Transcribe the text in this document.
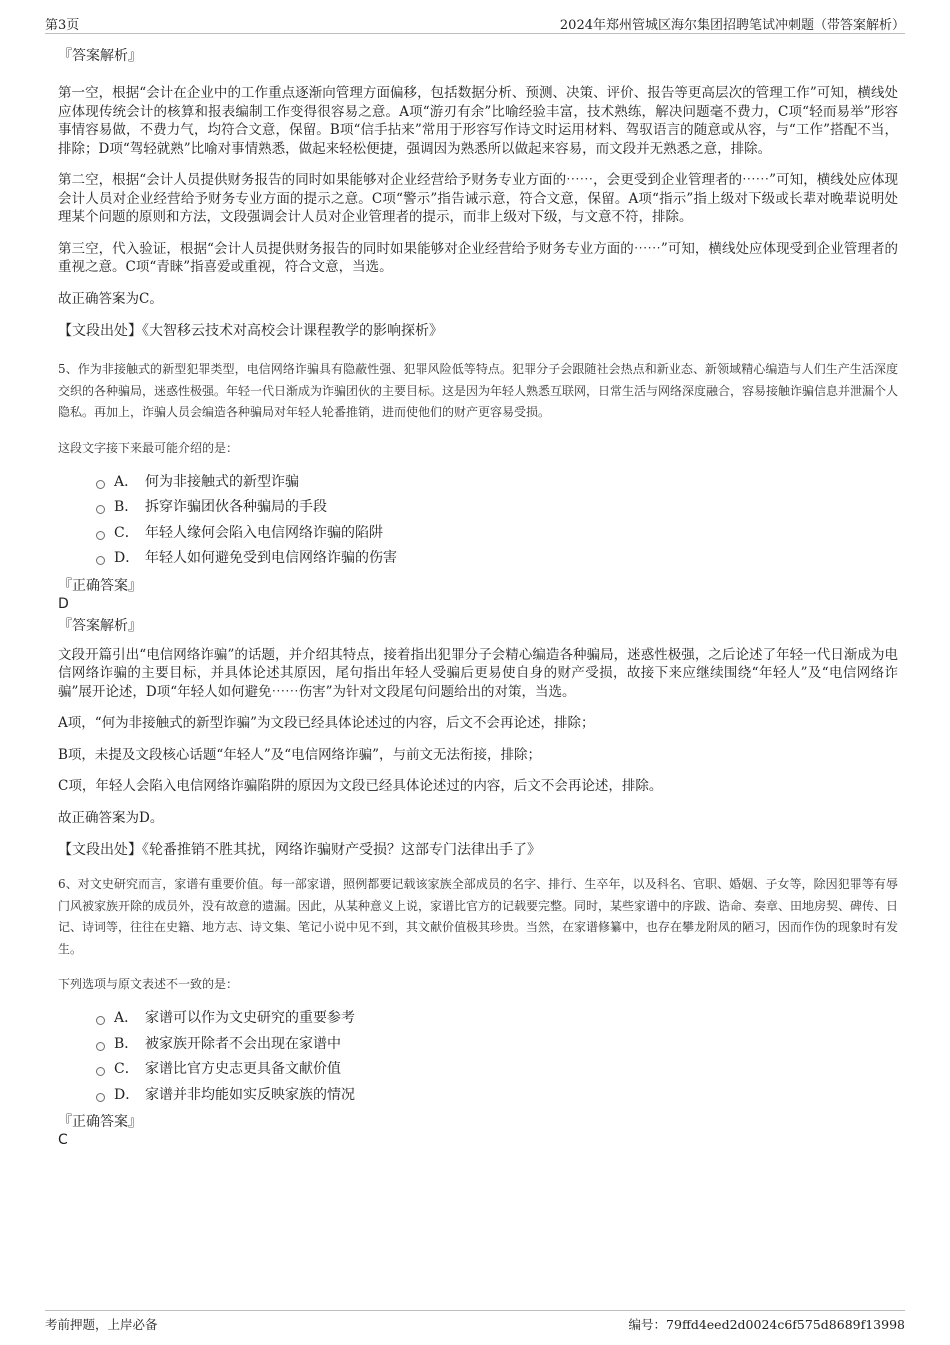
第3页	2024年郑州管城区海尔集团招聘笔试冲刺题（带答案解析）
『答案解析』

第一空，根据“会计在企业中的工作重点逐渐向管理方面偏移，包括数据分析、预测、决策、评价、报告等更高层次的管理工作”可知，横线处应体现传统会计的核算和报表编制工作变得很容易之意。A项“游刃有余”比喻经验丰富，技术熟练，解决问题毫不费力，C项“轻而易举”形容事情容易做，不费力气，均符合文意，保留。B项“信手拈来”常用于形容写作诗文时运用材料、驾驭语言的随意或从容，与“工作”搭配不当，排除；D项“驾轻就熟”比喻对事情熟悉，做起来轻松便捷，强调因为熟悉所以做起来容易，而文段并无熟悉之意，排除。

第二空，根据“会计人员提供财务报告的同时如果能够对企业经营给予财务专业方面的⋯⋯，会更受到企业管理者的⋯⋯”可知，横线处应体现会计人员对企业经营给予财务专业方面的提示之意。C项“警示”指告诫示意，符合文意，保留。A项“指示”指上级对下级或长辈对晚辈说明处理某个问题的原则和方法，文段强调会计人员对企业管理者的提示，而非上级对下级，与文意不符，排除。

第三空，代入验证，根据“会计人员提供财务报告的同时如果能够对企业经营给予财务专业方面的⋯⋯”可知，横线处应体现受到企业管理者的重视之意。C项“青睐”指喜爱或重视，符合文意，当选。

故正确答案为C。

【文段出处】《大智移云技术对高校会计课程教学的影响探析》

5、作为非接触式的新型犯罪类型，电信网络诈骗具有隐蔽性强、犯罪风险低等特点。犯罪分子会跟随社会热点和新业态、新领域精心编造与人们生产生活深度交织的各种骗局，迷惑性极强。年轻一代日渐成为诈骗团伙的主要目标。这是因为年轻人熟悉互联网，日常生活与网络深度融合，容易接触诈骗信息并泄漏个人隐私。再加上，诈骗人员会编造各种骗局对年轻人轮番推销，进而使他们的财产更容易受损。

这段文字接下来最可能介绍的是：

A． 何为非接触式的新型诈骗
B． 拆穿诈骗团伙各种骗局的手段
C． 年轻人缘何会陷入电信网络诈骗的陷阱
D． 年轻人如何避免受到电信网络诈骗的伤害
『正确答案』
D
『答案解析』

文段开篇引出“电信网络诈骗”的话题，并介绍其特点，接着指出犯罪分子会精心编造各种骗局，迷惑性极强，之后论述了年轻一代日渐成为电信网络诈骗的主要目标，并具体论述其原因，尾句指出年轻人受骗后更易使自身的财产受损，故接下来应继续围绕“年轻人”及“电信网络诈骗”展开论述，D项“年轻人如何避免⋯⋯伤害”为针对文段尾句问题给出的对策，当选。

A项，“何为非接触式的新型诈骗”为文段已经具体论述过的内容，后文不会再论述，排除；

B项，未提及文段核心话题“年轻人”及“电信网络诈骗”，与前文无法衔接，排除；

C项，年轻人会陷入电信网络诈骗陷阱的原因为文段已经具体论述过的内容，后文不会再论述，排除。

故正确答案为D。

【文段出处】《轮番推销不胜其扰，网络诈骗财产受损？这部专门法律出手了》

6、对文史研究而言，家谱有重要价值。每一部家谱，照例都要记载该家族全部成员的名字、排行、生卒年，以及科名、官职、婚姻、子女等，除因犯罪等有辱门风被家族开除的成员外，没有故意的遗漏。因此，从某种意义上说，家谱比官方的记载要完整。同时，某些家谱中的序跋、诰命、奏章、田地房契、碑传、日记、诗词等，往往在史籍、地方志、诗文集、笔记小说中见不到，其文献价值极其珍贵。当然，在家谱修纂中，也存在攀龙附凤的陋习，因而作伪的现象时有发生。

下列选项与原文表述不一致的是：

A． 家谱可以作为文史研究的重要参考
B． 被家族开除者不会出现在家谱中
C． 家谱比官方史志更具备文献价值
D． 家谱并非均能如实反映家族的情况
『正确答案』
C
考前押题，上岸必备	编号：79ffd4eed2d0024c6f575d8689f13998
